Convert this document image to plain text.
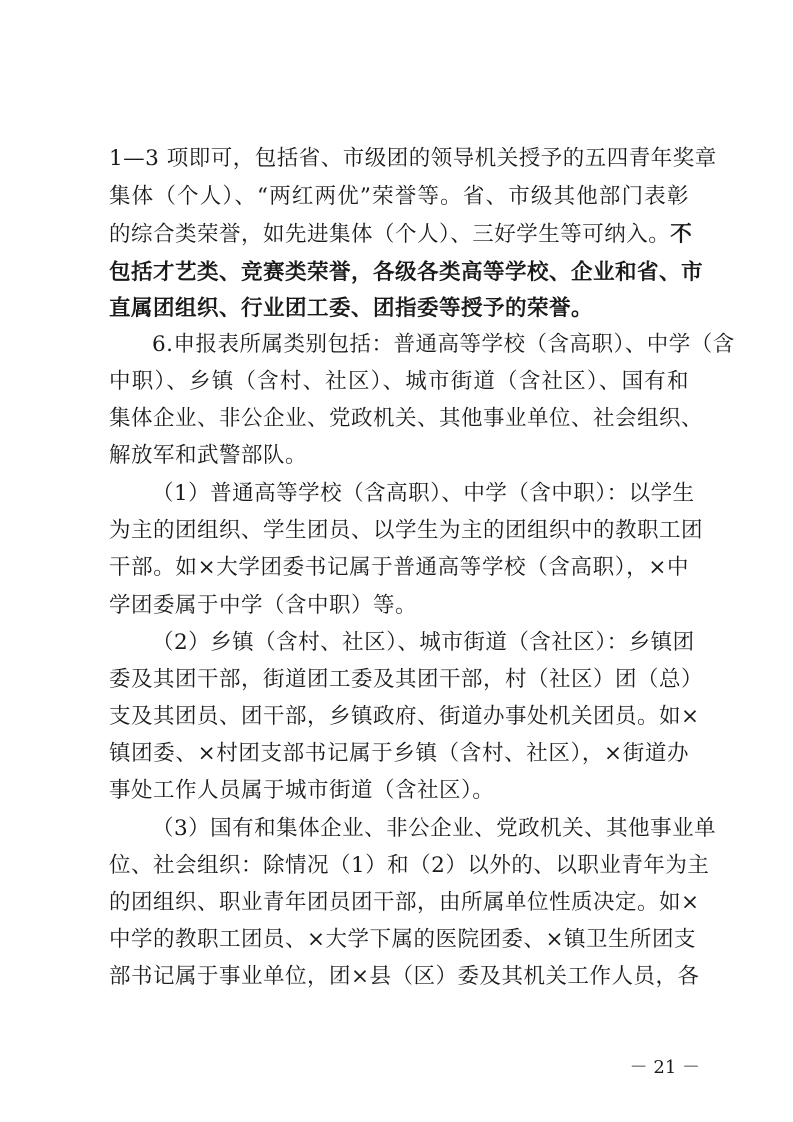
1—3 项即可，包括省、市级团的领导机关授予的五四青年奖章
集体（个人）、“两红两优”荣誉等。省、市级其他部门表彰
的综合类荣誉，如先进集体（个人）、三好学生等可纳入。不
包括才艺类、竞赛类荣誉，各级各类高等学校、企业和省、市
直属团组织、行业团工委、团指委等授予的荣誉。
6.申报表所属类别包括：普通高等学校（含高职）、中学（含
中职）、乡镇（含村、社区）、城市街道（含社区）、国有和
集体企业、非公企业、党政机关、其他事业单位、社会组织、
解放军和武警部队。
（1）普通高等学校（含高职）、中学（含中职）：以学生
为主的团组织、学生团员、以学生为主的团组织中的教职工团
干部。如×大学团委书记属于普通高等学校（含高职），×中
学团委属于中学（含中职）等。
（2）乡镇（含村、社区）、城市街道（含社区）：乡镇团
委及其团干部，街道团工委及其团干部，村（社区）团（总）
支及其团员、团干部，乡镇政府、街道办事处机关团员。如×
镇团委、×村团支部书记属于乡镇（含村、社区），×街道办
事处工作人员属于城市街道（含社区）。
（3）国有和集体企业、非公企业、党政机关、其他事业单
位、社会组织：除情况（1）和（2）以外的、以职业青年为主
的团组织、职业青年团员团干部，由所属单位性质决定。如×
中学的教职工团员、×大学下属的医院团委、×镇卫生所团支
部书记属于事业单位，团×县（区）委及其机关工作人员，各
－ 21 －
